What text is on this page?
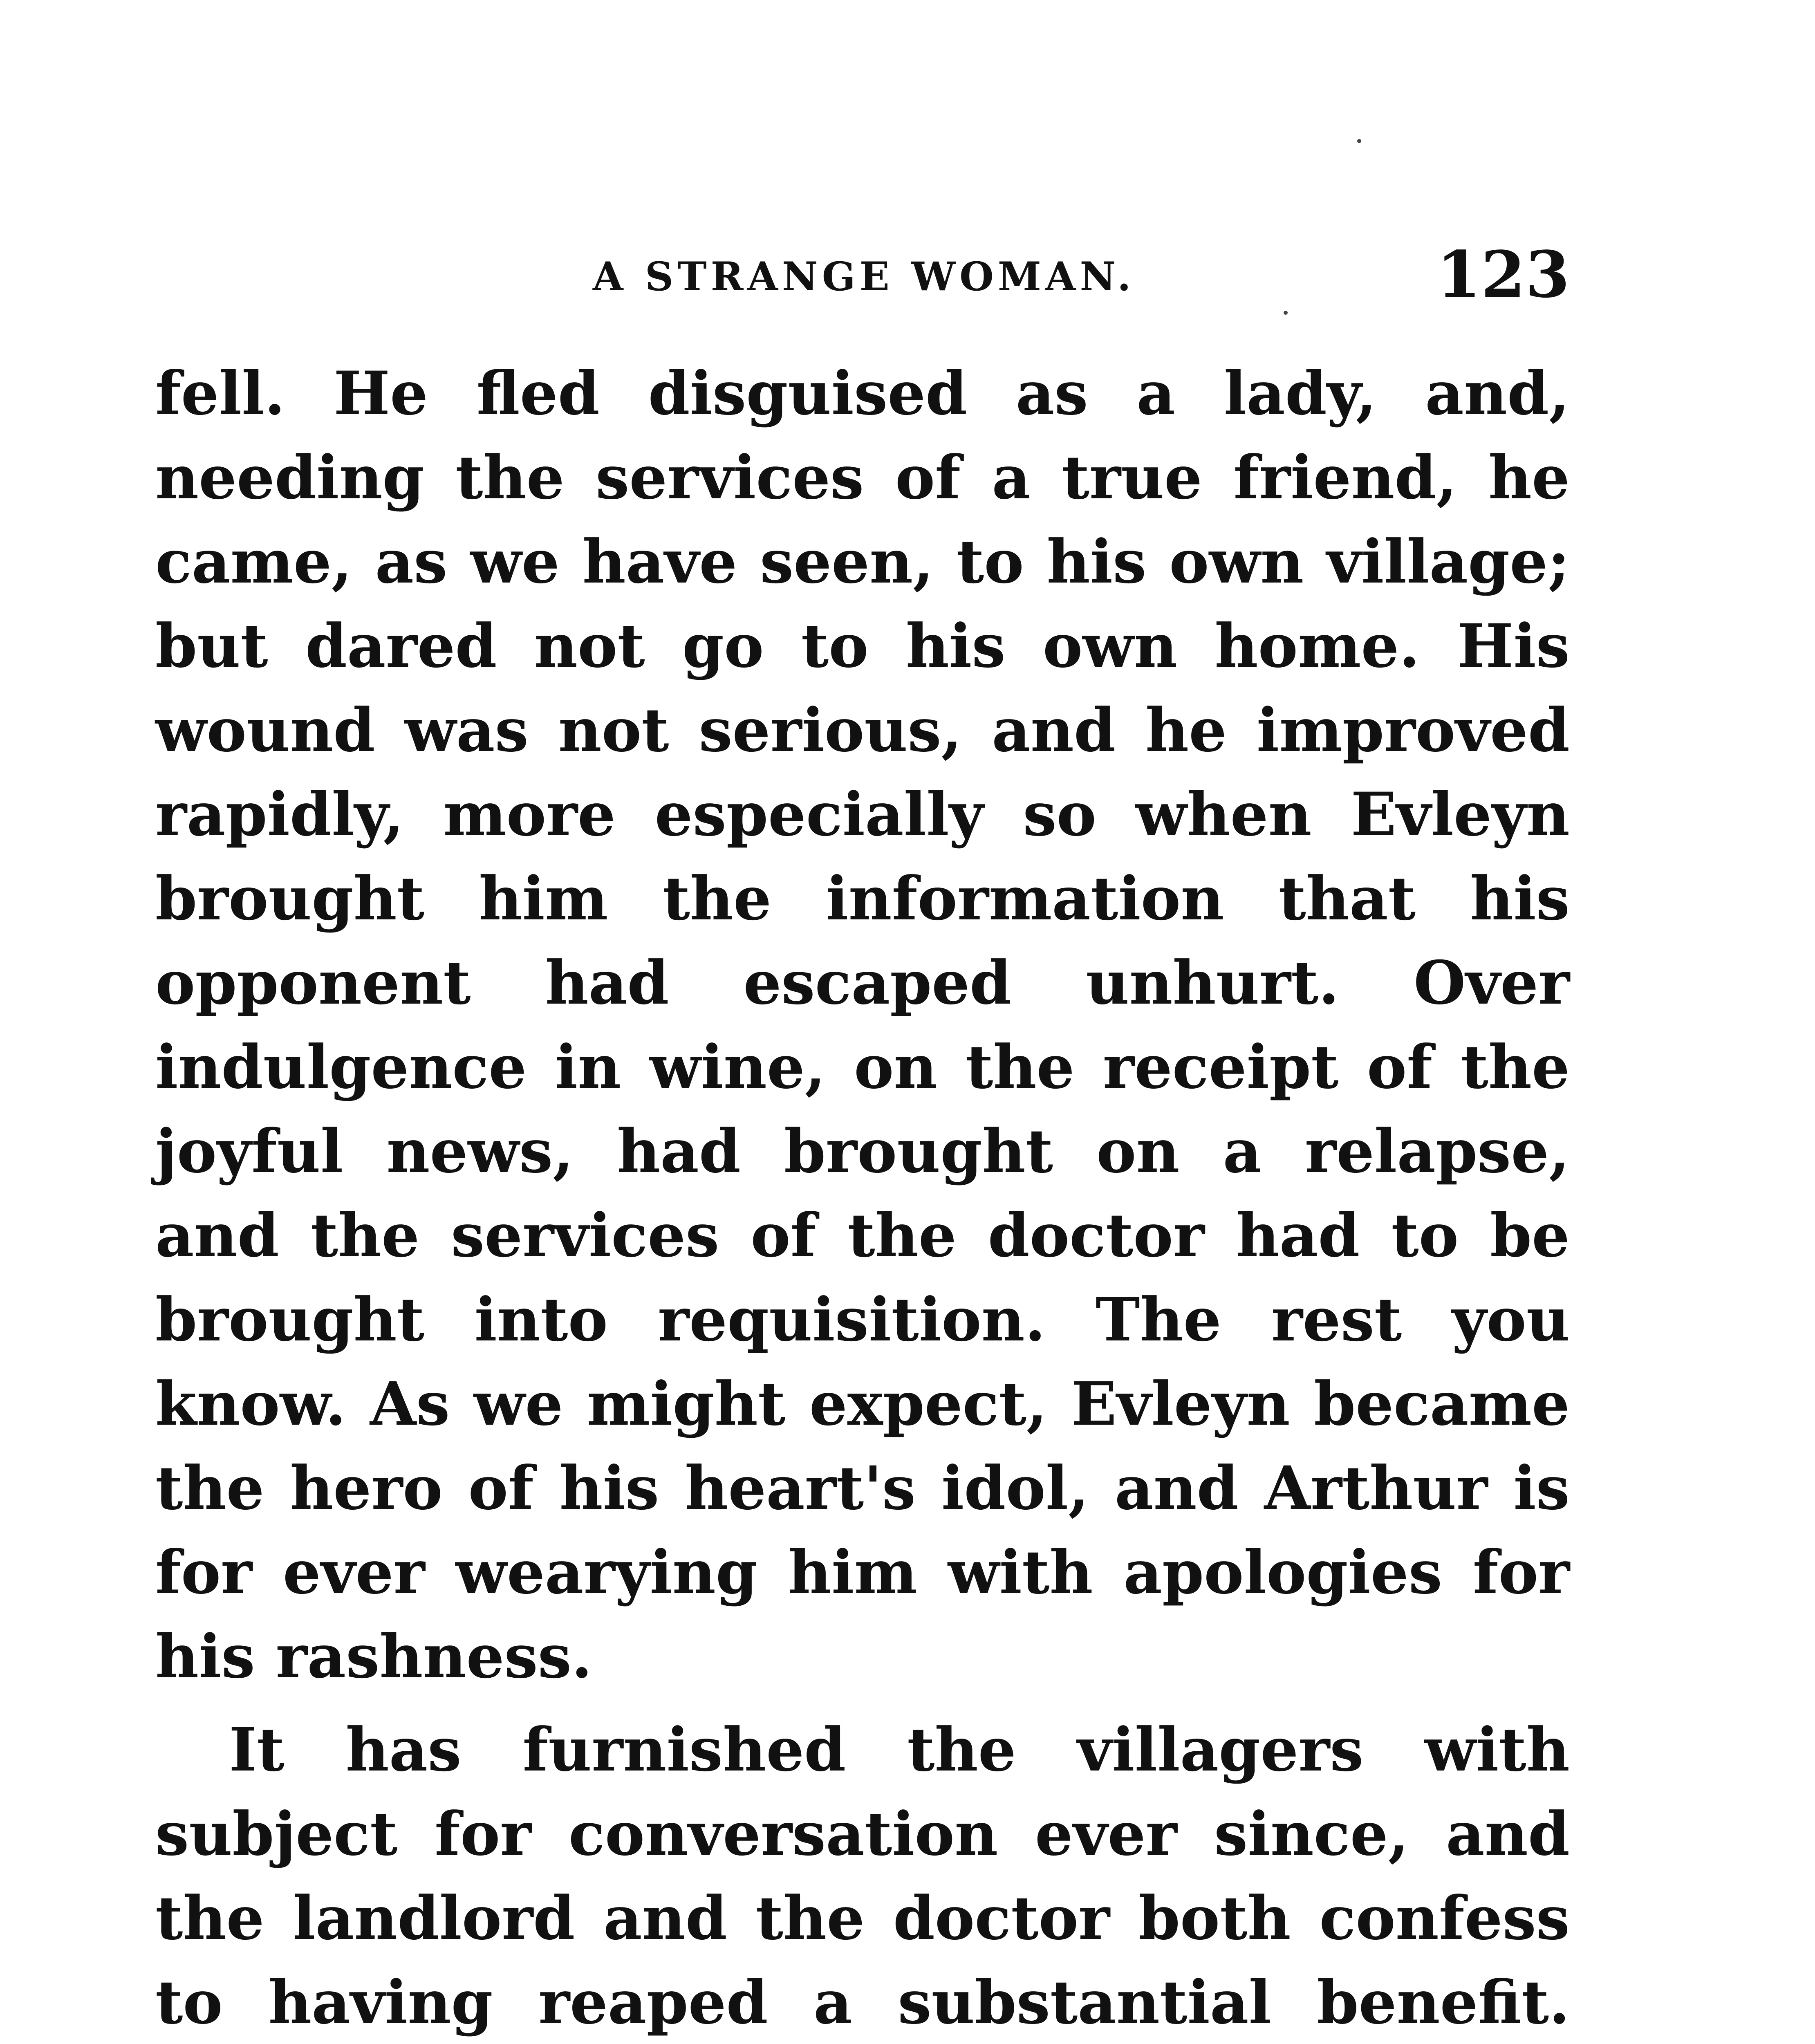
A STRANGE WOMAN.	123

fell. He fled disguised as a lady, and, needing the services of a true friend, he came, as we have seen, to his own village; but dared not go to his own home. His wound was not serious, and he improved rapidly, more especially so when Evleyn brought him the information that his opponent had escaped unhurt. Over indulgence in wine, on the receipt of the joyful news, had brought on a relapse, and the services of the doctor had to be brought into requisition. The rest you know. As we might expect, Evleyn became the hero of his heart's idol, and Arthur is for ever wearying him with apologies for his rashness.

It has furnished the villagers with subject for conversation ever since, and the landlord and the doctor both confess to having reaped a substantial benefit.
